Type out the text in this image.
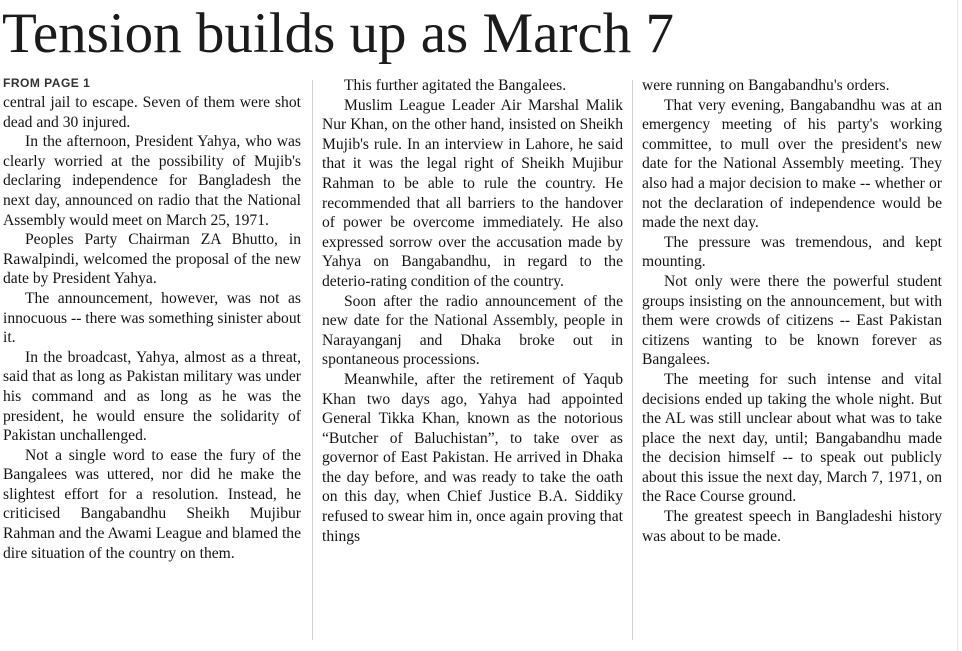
Tension builds up as March 7
FROM PAGE 1

central jail to escape. Seven of them were shot dead and 30 injured.

In the afternoon, President Yahya, who was clearly worried at the possibility of Mujib's declaring independence for Bangladesh the next day, announced on radio that the National Assembly would meet on March 25, 1971.

Peoples Party Chairman ZA Bhutto, in Rawalpindi, welcomed the proposal of the new date by President Yahya.

The announcement, however, was not as innocuous -- there was something sinister about it.

In the broadcast, Yahya, almost as a threat, said that as long as Pakistan military was under his command and as long as he was the president, he would ensure the solidarity of Pakistan unchallenged.

Not a single word to ease the fury of the Bangalees was uttered, nor did he make the slightest effort for a resolution. Instead, he criticised Bangabandhu Sheikh Mujibur Rahman and the Awami League and blamed the dire situation of the country on them.

This further agitated the Bangalees.

Muslim League Leader Air Marshal Malik Nur Khan, on the other hand, insisted on Sheikh Mujib's rule. In an interview in Lahore, he said that it was the legal right of Sheikh Mujibur Rahman to be able to rule the country. He recommended that all barriers to the handover of power be overcome immediately. He also expressed sorrow over the accusation made by Yahya on Bangabandhu, in regard to the deterio-rating condition of the country.

Soon after the radio announcement of the new date for the National Assembly, people in Narayanganj and Dhaka broke out in spontaneous processions.

Meanwhile, after the retirement of Yaqub Khan two days ago, Yahya had appointed General Tikka Khan, known as the notorious “Butcher of Baluchistan”, to take over as governor of East Pakistan. He arrived in Dhaka the day before, and was ready to take the oath on this day, when Chief Justice B.A. Siddiky refused to swear him in, once again proving that things

were running on Bangabandhu's orders.

That very evening, Bangabandhu was at an emergency meeting of his party's working committee, to mull over the president's new date for the National Assembly meeting. They also had a major decision to make -- whether or not the declaration of independence would be made the next day.

The pressure was tremendous, and kept mounting.

Not only were there the powerful student groups insisting on the announcement, but with them were crowds of citizens -- East Pakistan citizens wanting to be known forever as Bangalees.

The meeting for such intense and vital decisions ended up taking the whole night. But the AL was still unclear about what was to take place the next day, until; Bangabandhu made the decision himself -- to speak out publicly about this issue the next day, March 7, 1971, on the Race Course ground.

The greatest speech in Bangladeshi history was about to be made.
